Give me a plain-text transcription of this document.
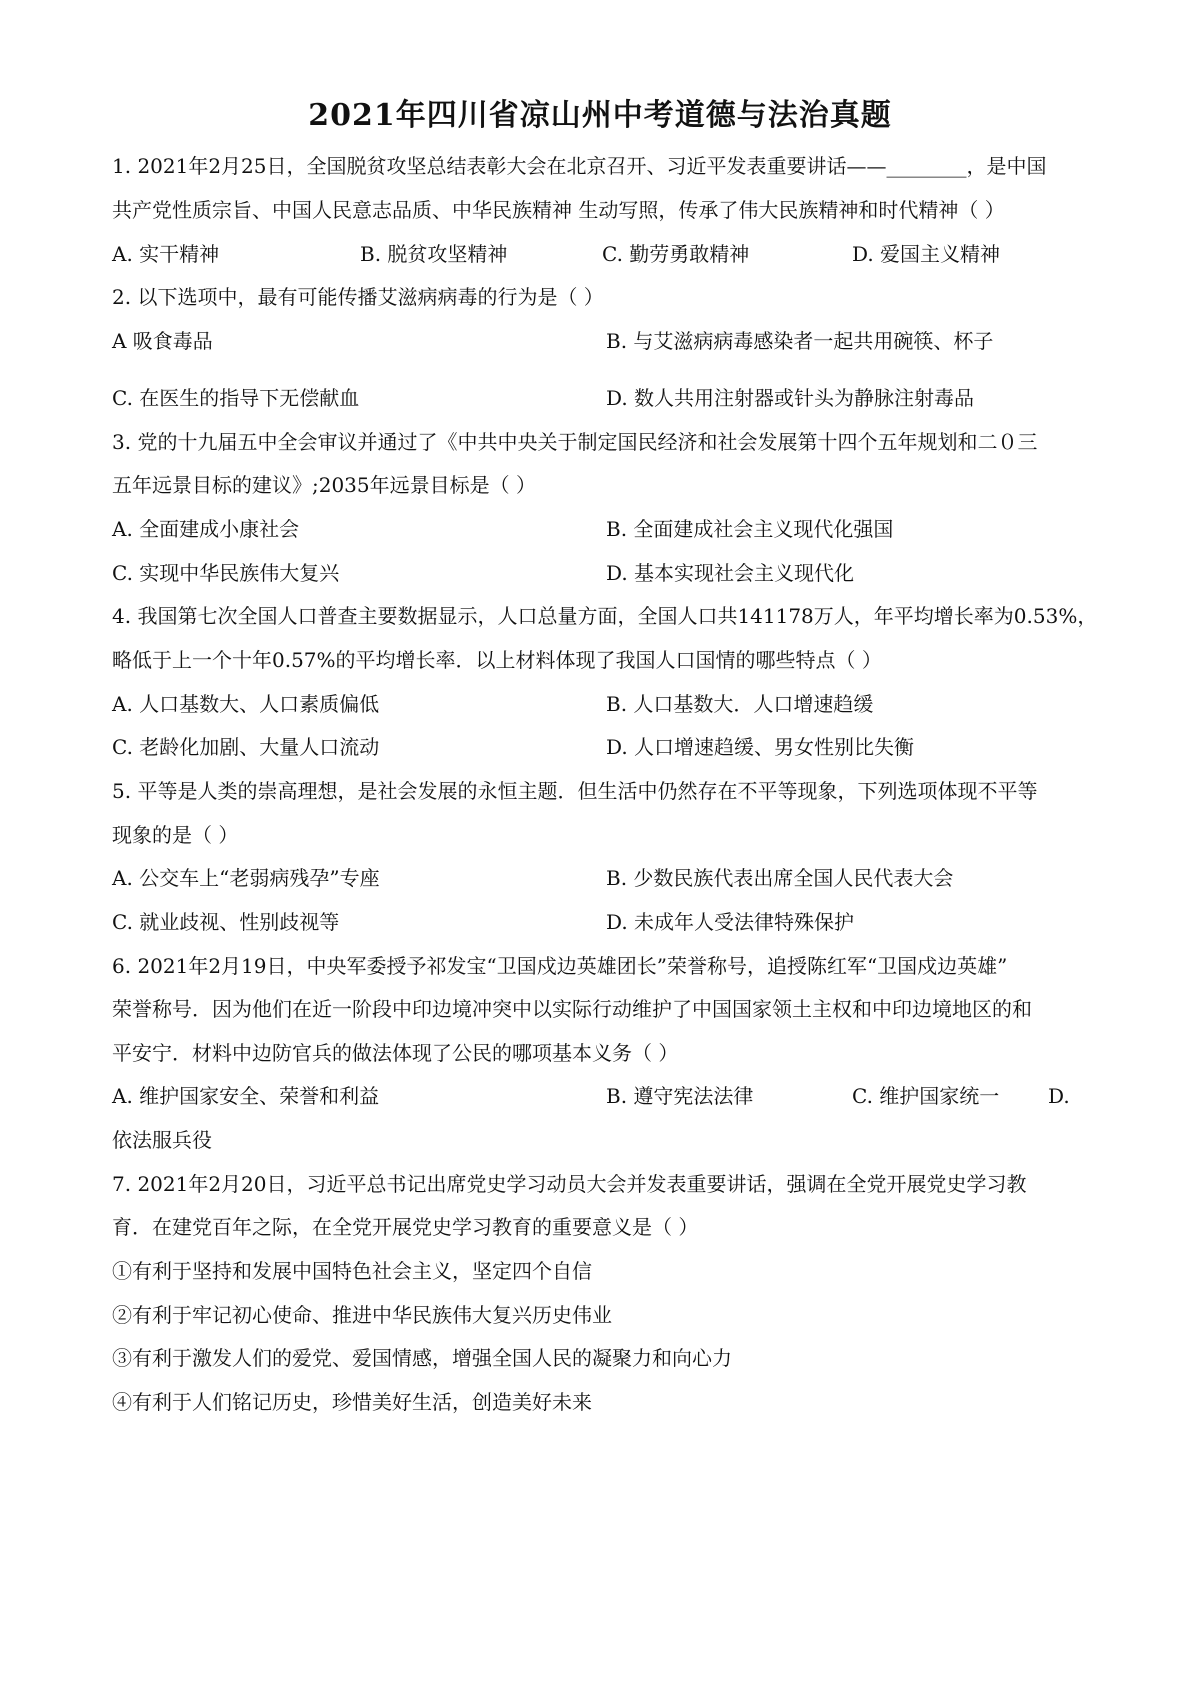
2021年四川省凉山州中考道德与法治真题
1. 2021年2月25日，全国脱贫攻坚总结表彰大会在北京召开、习近平发表重要讲话——________，是中国
共产党性质宗旨、中国人民意志品质、中华民族精神 生动写照，传承了伟大民族精神和时代精神（ ）
A. 实干精神	B. 脱贫攻坚精神	C. 勤劳勇敢精神	D. 爱国主义精神
2. 以下选项中，最有可能传播艾滋病病毒的行为是（ ）
A 吸食毒品	B. 与艾滋病病毒感染者一起共用碗筷、杯子
C. 在医生的指导下无偿献血	D. 数人共用注射器或针头为静脉注射毒品
3. 党的十九届五中全会审议并通过了《中共中央关于制定国民经济和社会发展第十四个五年规划和二０三
五年远景目标的建议》;2035年远景目标是（ ）
A. 全面建成小康社会	B. 全面建成社会主义现代化强国
C. 实现中华民族伟大复兴	D. 基本实现社会主义现代化
4. 我国第七次全国人口普查主要数据显示，人口总量方面，全国人口共141178万人，年平均增长率为0.53%，
略低于上一个十年0.57%的平均增长率．以上材料体现了我国人口国情的哪些特点（ ）
A. 人口基数大、人口素质偏低	B. 人口基数大．人口增速趋缓
C. 老龄化加剧、大量人口流动	D. 人口增速趋缓、男女性别比失衡
5. 平等是人类的崇高理想，是社会发展的永恒主题．但生活中仍然存在不平等现象，下列选项体现不平等
现象的是（ ）
A. 公交车上“老弱病残孕”专座	B. 少数民族代表出席全国人民代表大会
C. 就业歧视、性别歧视等	D. 未成年人受法律特殊保护
6. 2021年2月19日，中央军委授予祁发宝“卫国戍边英雄团长”荣誉称号，追授陈红军“卫国戍边英雄”
荣誉称号．因为他们在近一阶段中印边境冲突中以实际行动维护了中国国家领土主权和中印边境地区的和
平安宁．材料中边防官兵的做法体现了公民的哪项基本义务（ ）
A. 维护国家安全、荣誉和利益	B. 遵守宪法法律	C. 维护国家统一 D.
依法服兵役
7. 2021年2月20日，习近平总书记出席党史学习动员大会并发表重要讲话，强调在全党开展党史学习教
育．在建党百年之际，在全党开展党史学习教育的重要意义是（ ）
①有利于坚持和发展中国特色社会主义，坚定四个自信
②有利于牢记初心使命、推进中华民族伟大复兴历史伟业
③有利于激发人们的爱党、爱国情感，增强全国人民的凝聚力和向心力
④有利于人们铭记历史，珍惜美好生活，创造美好未来
